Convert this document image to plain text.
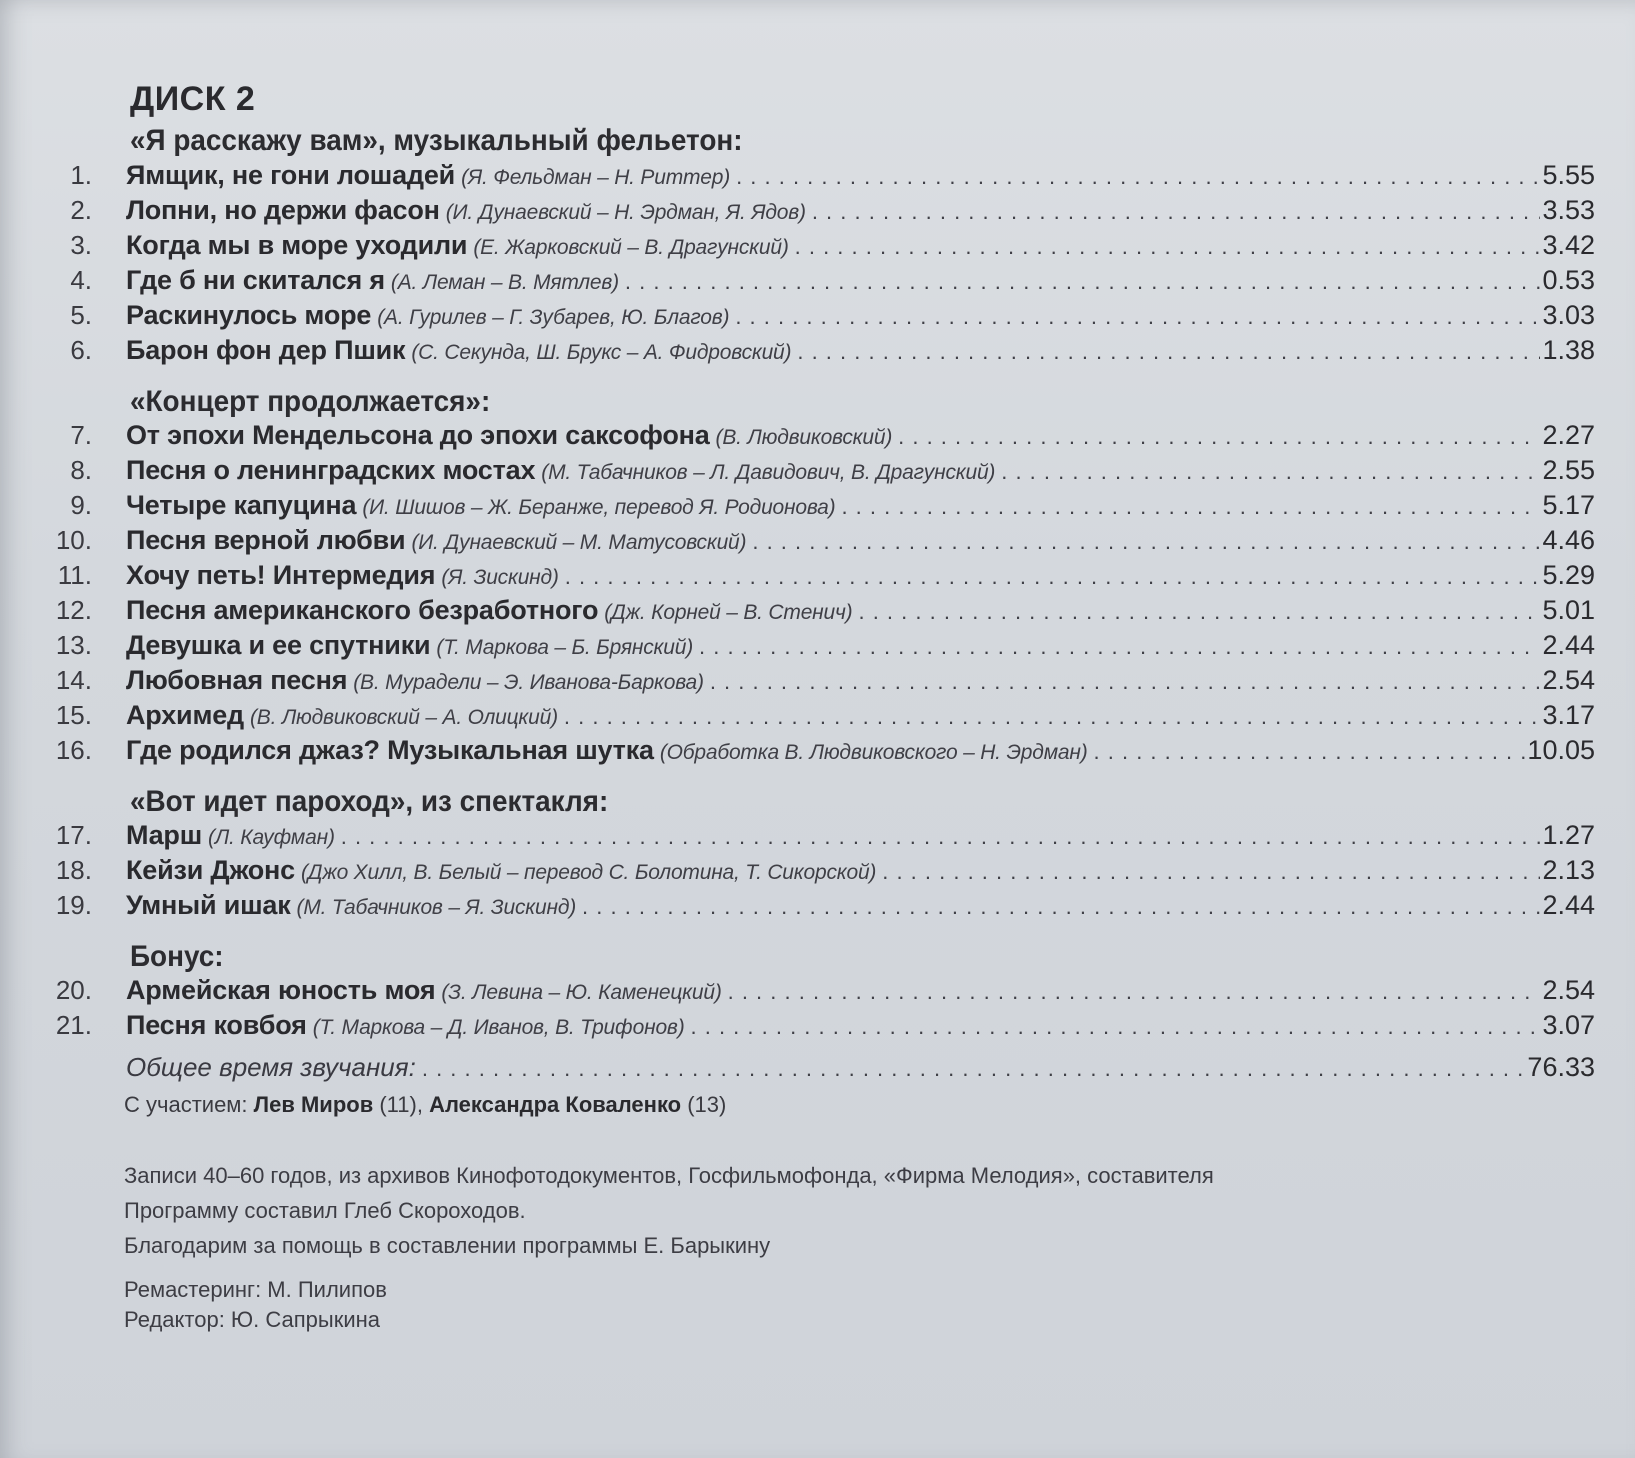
ДИСК 2
«Я расскажу вам», музыкальный фельетон:
1.	Ямщик, не гони лошадей (Я. Фельдман – Н. Риттер) . . .	5.55
2.	Лопни, но держи фасон (И. Дунаевский – Н. Эрдман, Я. Ядов) . . .	3.53
3.	Когда мы в море уходили (Е. Жарковский – В. Драгунский) . . .	3.42
4.	Где б ни скитался я (А. Леман – В. Мятлев) . . .	0.53
5.	Раскинулось море (А. Гурилев – Г. Зубарев, Ю. Благов) . . .	3.03
6.	Барон фон дер Пшик (С. Секунда, Ш. Брукс – А. Фидровский) . . .	1.38
«Концерт продолжается»:
7.	От эпохи Мендельсона до эпохи саксофона (В. Людвиковский) . . .	2.27
8.	Песня о ленинградских мостах (М. Табачников – Л. Давидович, В. Драгунский) . . .	2.55
9.	Четыре капуцина (И. Шишов – Ж. Беранже, перевод Я. Родионова) . . .	5.17
10.	Песня верной любви (И. Дунаевский – М. Матусовский) . . .	4.46
11.	Хочу петь! Интермедия (Я. Зискинд) . . .	5.29
12.	Песня американского безработного (Дж. Корней – В. Стенич) . . .	5.01
13.	Девушка и ее спутники (Т. Маркова – Б. Брянский) . . .	2.44
14.	Любовная песня (В. Мурадели – Э. Иванова-Баркова) . . .	2.54
15.	Архимед (В. Людвиковский – А. Олицкий) . . .	3.17
16.	Где родился джаз? Музыкальная шутка (Обработка В. Людвиковского – Н. Эрдман) . . .	10.05
«Вот идет пароход», из спектакля:
17.	Марш (Л. Кауфман) . . .	1.27
18.	Кейзи Джонс (Джо Хилл, В. Белый – перевод С. Болотина, Т. Сикорской) . . .	2.13
19.	Умный ишак (М. Табачников – Я. Зискинд) . . .	2.44
Бонус:
20.	Армейская юность моя (З. Левина – Ю. Каменецкий) . . .	2.54
21.	Песня ковбоя (Т. Маркова – Д. Иванов, В. Трифонов) . . .	3.07
Общее время звучания: . . .	76.33
С участием: Лев Миров (11), Александра Коваленко (13)
Записи 40–60 годов, из архивов Кинофотодокументов, Госфильмофонда, «Фирма Мелодия», составителя
Программу составил Глеб Скороходов.
Благодарим за помощь в составлении программы Е. Барыкину
Ремастеринг: М. Пилипов
Редактор: Ю. Сапрыкина
